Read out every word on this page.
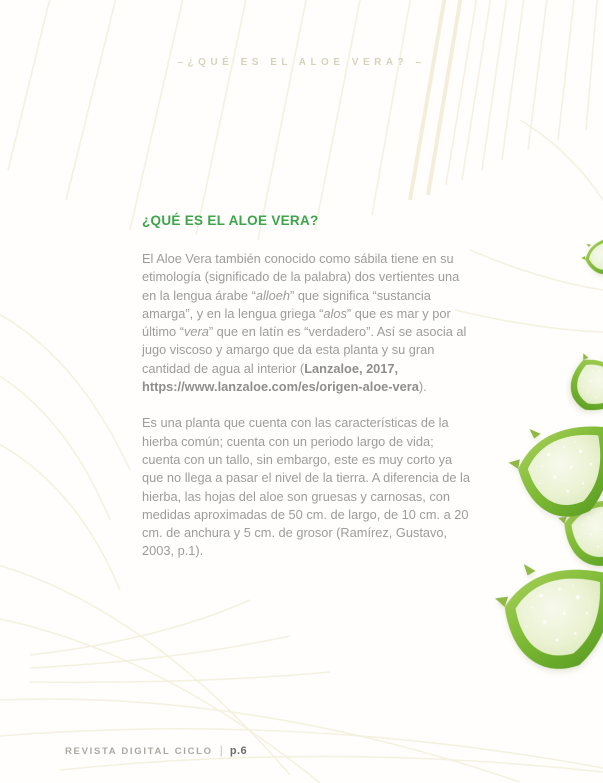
–¿QUÉ ES EL ALOE VERA? –
¿QUÉ ES EL ALOE VERA?

El Aloe Vera también conocido como sábila tiene en su etimología (significado de la palabra) dos vertientes una en la lengua árabe “alloeh” que significa “sustancia amarga”, y en la lengua griega “alos” que es mar y por último “vera” que en latín es “verdadero”. Así se asocia al jugo viscoso y amargo que da esta planta y su gran cantidad de agua al interior (Lanzaloe, 2017, https://www.lanzaloe.com/es/origen-aloe-vera).

Es una planta que cuenta con las características de la hierba común; cuenta con un periodo largo de vida; cuenta con un tallo, sin embargo, este es muy corto ya que no llega a pasar el nivel de la tierra. A diferencia de la hierba, las hojas del aloe son gruesas y carnosas, con medidas aproximadas de 50 cm. de largo, de 10 cm. a 20 cm. de anchura y 5 cm. de grosor (Ramírez, Gustavo, 2003, p.1).

REVISTA DIGITAL CICLO | p.6
